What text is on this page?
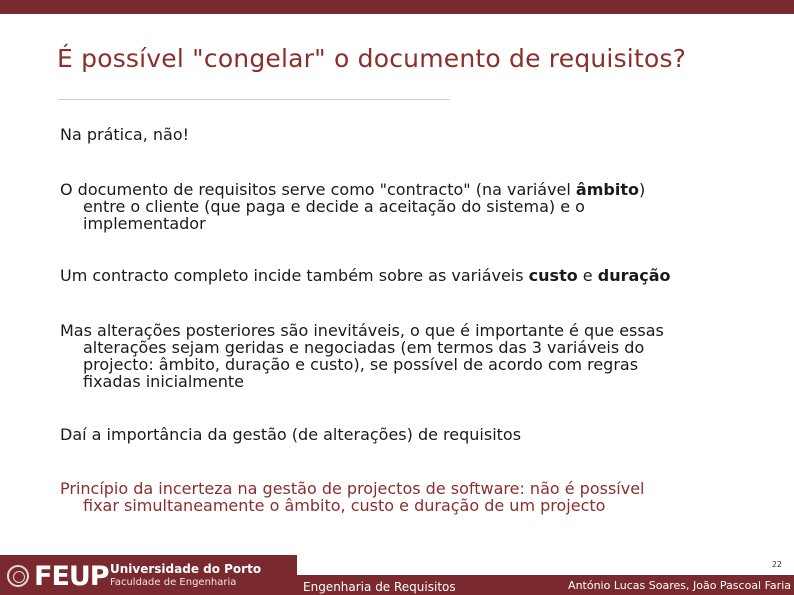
É possível "congelar" o documento de requisitos?
Na prática, não!
O documento de requisitos serve como "contracto" (na variável âmbito)
entre o cliente (que paga e decide a aceitação do sistema) e o
implementador
Um contracto completo incide também sobre as variáveis custo e duração
Mas alterações posteriores são inevitáveis, o que é importante é que essas
alterações sejam geridas e negociadas (em termos das 3 variáveis do
projecto: âmbito, duração e custo), se possível de acordo com regras
fixadas inicialmente
Daí a importância da gestão (de alterações) de requisitos
Princípio da incerteza na gestão de projectos de software: não é possível
fixar simultaneamente o âmbito, custo e duração de um projecto
FEUP Universidade do Porto
Faculdade de Engenharia	Engenharia de Requisitos	António Lucas Soares, João Pascoal Faria
22
